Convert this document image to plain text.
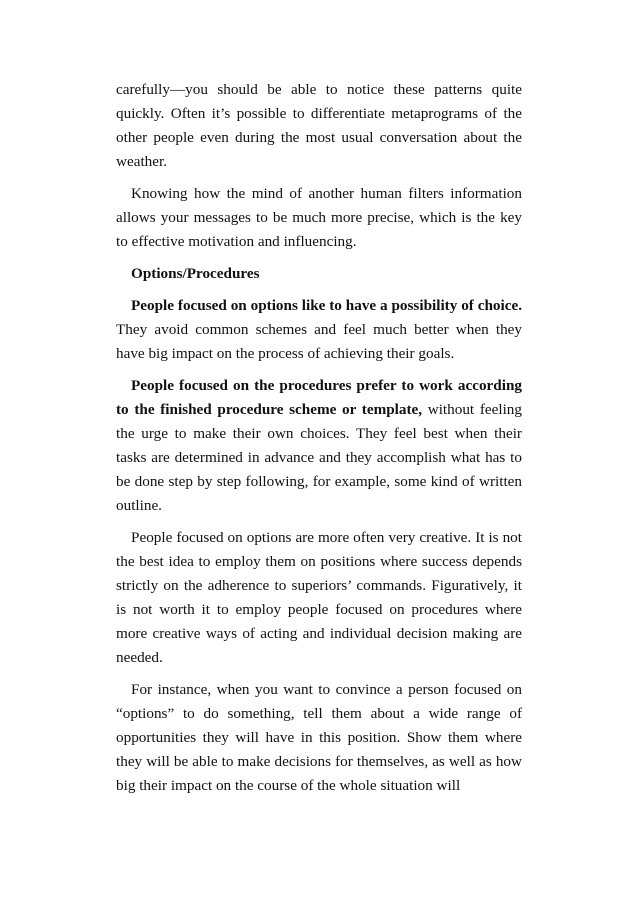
carefully—you should be able to notice these patterns quite quickly. Often it’s possible to differentiate metaprograms of the other people even during the most usual conversation about the weather.

Knowing how the mind of another human filters information allows your messages to be much more precise, which is the key to effective motivation and influencing.

Options/Procedures

People focused on options like to have a possibility of choice. They avoid common schemes and feel much better when they have big impact on the process of achieving their goals.

People focused on the procedures prefer to work according to the finished procedure scheme or template, without feeling the urge to make their own choices. They feel best when their tasks are determined in advance and they accomplish what has to be done step by step following, for example, some kind of written outline.

People focused on options are more often very creative. It is not the best idea to employ them on positions where success depends strictly on the adherence to superiors’ commands. Figuratively, it is not worth it to employ people focused on procedures where more creative ways of acting and individual decision making are needed.

For instance, when you want to convince a person focused on “options” to do something, tell them about a wide range of opportunities they will have in this position. Show them where they will be able to make decisions for themselves, as well as how big their impact on the course of the whole situation will
